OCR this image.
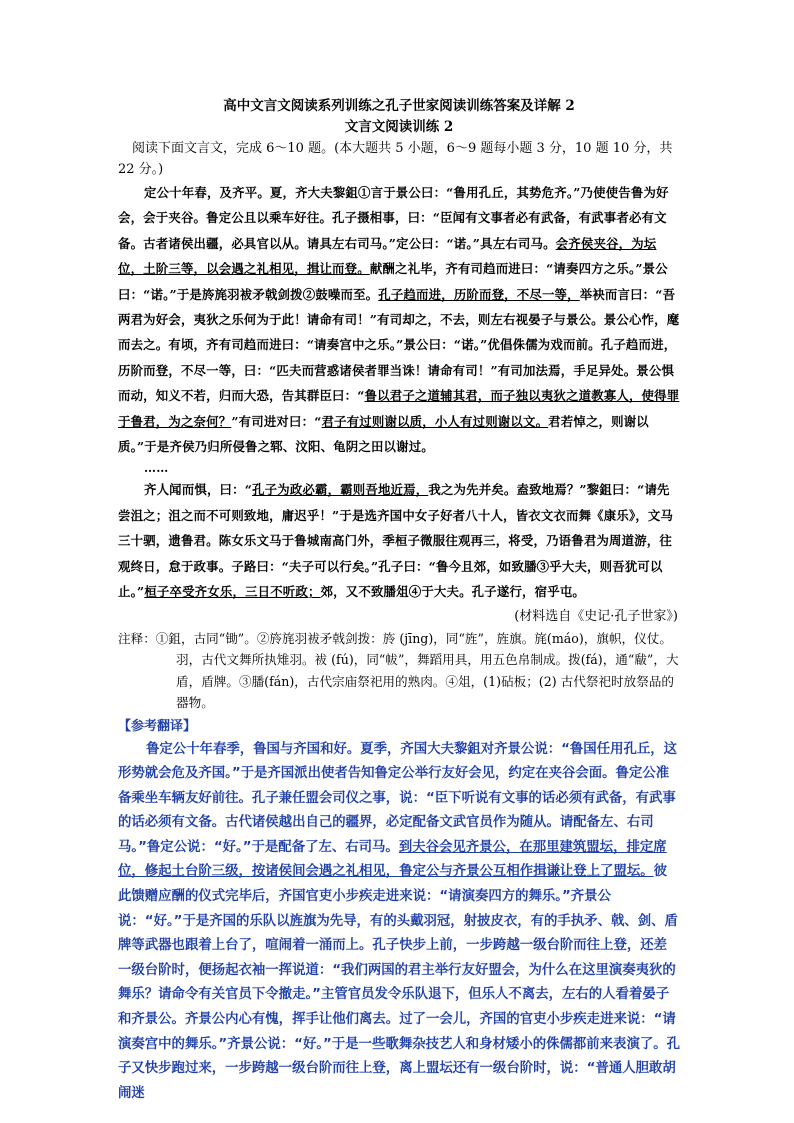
高中文言文阅读系列训练之孔子世家阅读训练答案及详解 2
文言文阅读训练 2
阅读下面文言文，完成 6～10 题。(本大题共 5 小题，6～9 题每小题 3 分，10 题 10 分，共 22 分。)

定公十年春，及齐平。夏，齐大夫黎鉏①言于景公曰：“鲁用孔丘，其势危齐。”乃使使告鲁为好会，会于夹谷。鲁定公且以乘车好往。孔子摄相事，曰：“臣闻有文事者必有武备，有武事者必有文备。古者诸侯出疆，必具官以从。请具左右司马。”定公曰：“诺。”具左右司马。会齐侯夹谷，为坛位，土阶三等，以会遇之礼相见，揖让而登。献酬之礼毕，齐有司趋而进曰：“请奏四方之乐。”景公曰：“诺。”于是旍旄羽袚矛戟剑拨②鼓噪而至。孔子趋而进，历阶而登，不尽一等，举袂而言曰：“吾两君为好会，夷狄之乐何为于此！请命有司！”有司却之，不去，则左右视晏子与景公。景公心怍，麾而去之。有顷，齐有司趋而进曰：“请奏宫中之乐。”景公曰：“诺。”优倡侏儒为戏而前。孔子趋而进，历阶而登，不尽一等，曰：“匹夫而营惑诸侯者罪当诛！请命有司！”有司加法焉，手足异处。景公惧而动，知义不若，归而大恐，告其群臣曰：“鲁以君子之道辅其君，而子独以夷狄之道教寡人，使得罪于鲁君，为之奈何？”有司进对曰：“君子有过则谢以质，小人有过则谢以文。君若悼之，则谢以质。”于是齐侯乃归所侵鲁之郓、汶阳、龟阴之田以谢过。

……

齐人闻而惧，曰：“孔子为政必霸，霸则吾地近焉，我之为先并矣。盍致地焉？”黎鉏曰：“请先尝沮之；沮之而不可则致地，庸迟乎！”于是选齐国中女子好者八十人，皆衣文衣而舞《康乐》，文马三十驷，遗鲁君。陈女乐文马于鲁城南高门外，季桓子微服往观再三，将受，乃语鲁君为周道游，往观终日，怠于政事。子路曰：“夫子可以行矣。”孔子曰：“鲁今且郊，如致膰③乎大夫，则吾犹可以止。”桓子卒受齐女乐，三日不听政；郊，又不致膰俎④于大夫。孔子遂行，宿乎屯。

(材料选自《史记·孔子世家》)
注释：①鉏，古同“锄”。②旍旄羽袚矛戟剑拨：旍 (jīng)，同“旌”，旌旗。旄(máo)，旗帜，仪仗。羽，古代文舞所执雉羽。袚 (fú)，同“帗”，舞蹈用具，用五色帛制成。拨(fá)，通“瞂”，大盾，盾牌。③膰(fán)，古代宗庙祭祀用的熟肉。④俎，(1)砧板；(2) 古代祭祀时放祭品的器物。
【参考翻译】

鲁定公十年春季，鲁国与齐国和好。夏季，齐国大夫黎鉏对齐景公说：“鲁国任用孔丘，这形势就会危及齐国。”于是齐国派出使者告知鲁定公举行友好会见，约定在夹谷会面。鲁定公准备乘坐车辆友好前往。孔子兼任盟会司仪之事，说：“臣下听说有文事的话必须有武备，有武事的话必须有文备。古代诸侯越出自己的疆界，必定配备文武官员作为随从。请配备左、右司马。”鲁定公说：“好。”于是配备了左、右司马。到夫谷会见齐景公，在那里建筑盟坛，排定席位，修起土台阶三级，按诸侯间会遇之礼相见，鲁定公与齐景公互相作揖谦让登上了盟坛。彼此馈赠应酬的仪式完毕后，齐国官吏小步疾走进来说：“请演奏四方的舞乐。”齐景公说：“好。”于是齐国的乐队以旌旗为先导，有的头戴羽冠，射披皮衣，有的手执矛、戟、剑、盾牌等武器也跟着上台了，喧闹着一涌而上。孔子快步上前，一步跨越一级台阶而往上登，还差一级台阶时，便扬起衣袖一挥说道：“我们两国的君主举行友好盟会，为什么在这里演奏夷狄的舞乐？请命令有关官员下令撤走。”主管官员发令乐队退下，但乐人不离去，左右的人看着晏子和齐景公。齐景公内心有愧，挥手让他们离去。过了一会儿，齐国的官吏小步疾走进来说：“请演奏宫中的舞乐。”齐景公说：“好。”于是一些歌舞杂技艺人和身材矮小的侏儒都前来表演了。孔子又快步跑过来，一步跨越一级台阶而往上登，离上盟坛还有一级台阶时，说：“普通人胆敢胡闹迷
